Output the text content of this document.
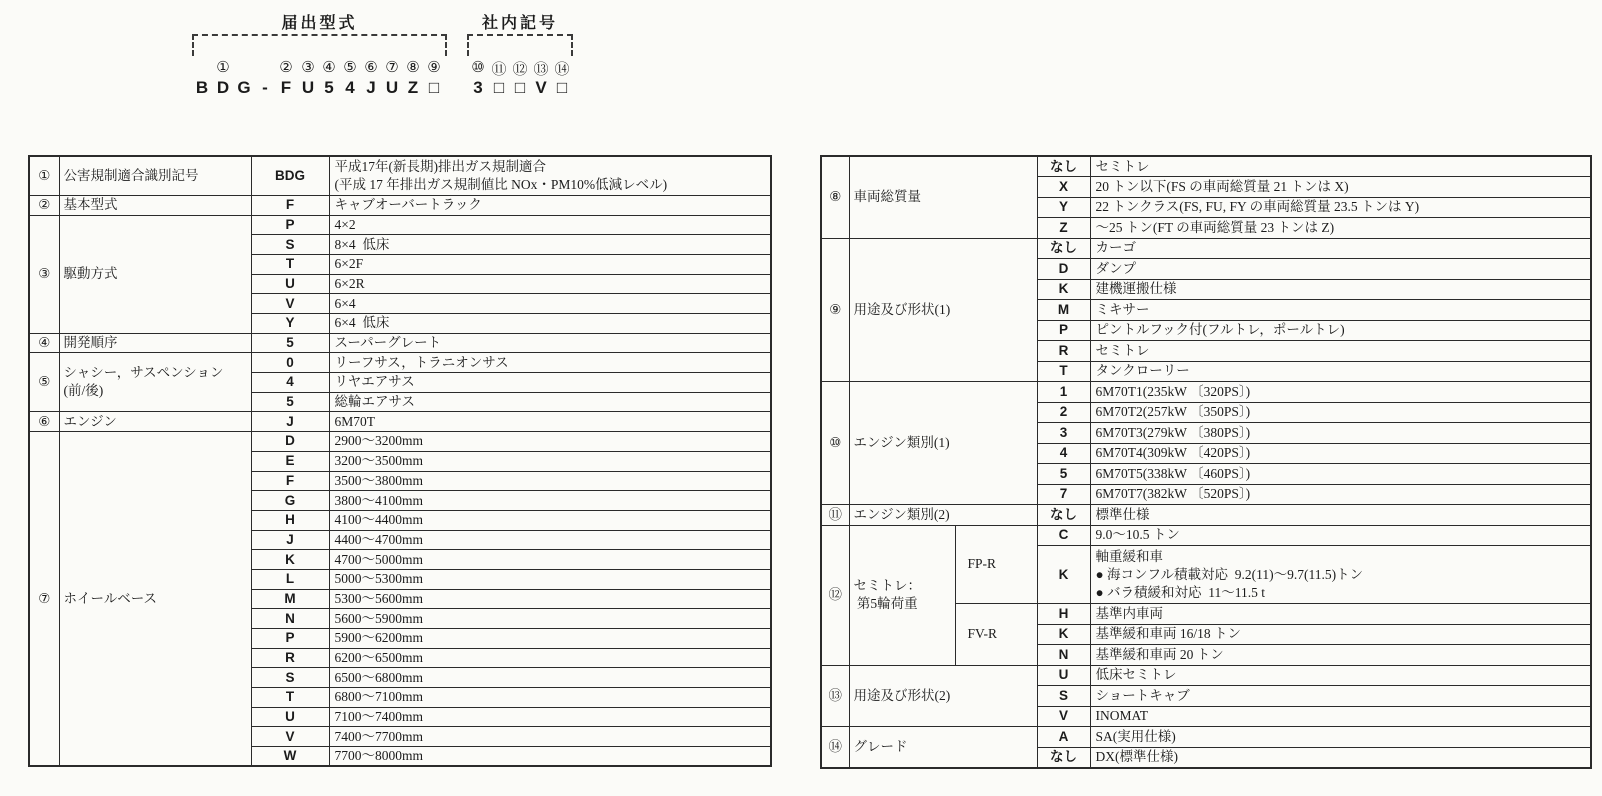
届出型式	社内記号
B D G - F U 5 4 J U Z □
①	② ③ ④ ⑤ ⑥ ⑦ ⑧ ⑨
3 □ □ V □
⑩ ⑪ ⑫ ⑬ ⑭
①	公害規制適合識別記号	BDG	平成17年(新長期)排出ガス規制適合
(平成 17 年排出ガス規制値比 NOx・PM10%低減レベル)
②	基本型式	F	キャブオーバートラック
③	駆動方式	P	4×2
		S	8×4  低床
		T	6×2F
		U	6×2R
		V	6×4
		Y	6×4  低床
④	開発順序	5	スーパーグレート
⑤	シャシー，サスペンション
(前/後)	0	リーフサス，トラニオンサス
		4	リヤエアサス
		5	総輪エアサス
⑥	エンジン	J	6M70T
⑦	ホイールベース	D	2900～3200mm
		E	3200～3500mm
		F	3500～3800mm
		G	3800～4100mm
		H	4100～4400mm
		J	4400～4700mm
		K	4700～5000mm
		L	5000～5300mm
		M	5300～5600mm
		N	5600～5900mm
		P	5900～6200mm
		R	6200～6500mm
		S	6500～6800mm
		T	6800～7100mm
		U	7100～7400mm
		V	7400～7700mm
		W	7700～8000mm
⑧	車両総質量		なし	セミトレ
			X	20 トン以下(FS の車両総質量 21 トンは X)
			Y	22 トンクラス(FS, FU, FY の車両総質量 23.5 トンは Y)
			Z	～25 トン(FT の車両総質量 23 トンは Z)
⑨	用途及び形状(1)		なし	カーゴ
			D	ダンプ
			K	建機運搬仕様
			M	ミキサー
			P	ピントルフック付(フルトレ，ポールトレ)
			R	セミトレ
			T	タンクローリー
⑩	エンジン類別(1)		1	6M70T1(235kW 〔320PS〕)
			2	6M70T2(257kW 〔350PS〕)
			3	6M70T3(279kW 〔380PS〕)
			4	6M70T4(309kW 〔420PS〕)
			5	6M70T5(338kW 〔460PS〕)
			7	6M70T7(382kW 〔520PS〕)
⑪	エンジン類別(2)		なし	標準仕様
⑫	セミトレ：
第5輪荷重	FP-R	C	9.0～10.5 トン
			K	軸重緩和車
● 海コンフル積載対応  9.2(11)～9.7(11.5)トン
● バラ積緩和対応  11～11.5 t
		FV-R	H	基準内車両
			K	基準緩和車両 16/18 トン
			N	基準緩和車両 20 トン
⑬	用途及び形状(2)		U	低床セミトレ
			S	ショートキャブ
			V	INOMAT
⑭	グレード		A	SA(実用仕様)
			なし	DX(標準仕様)
